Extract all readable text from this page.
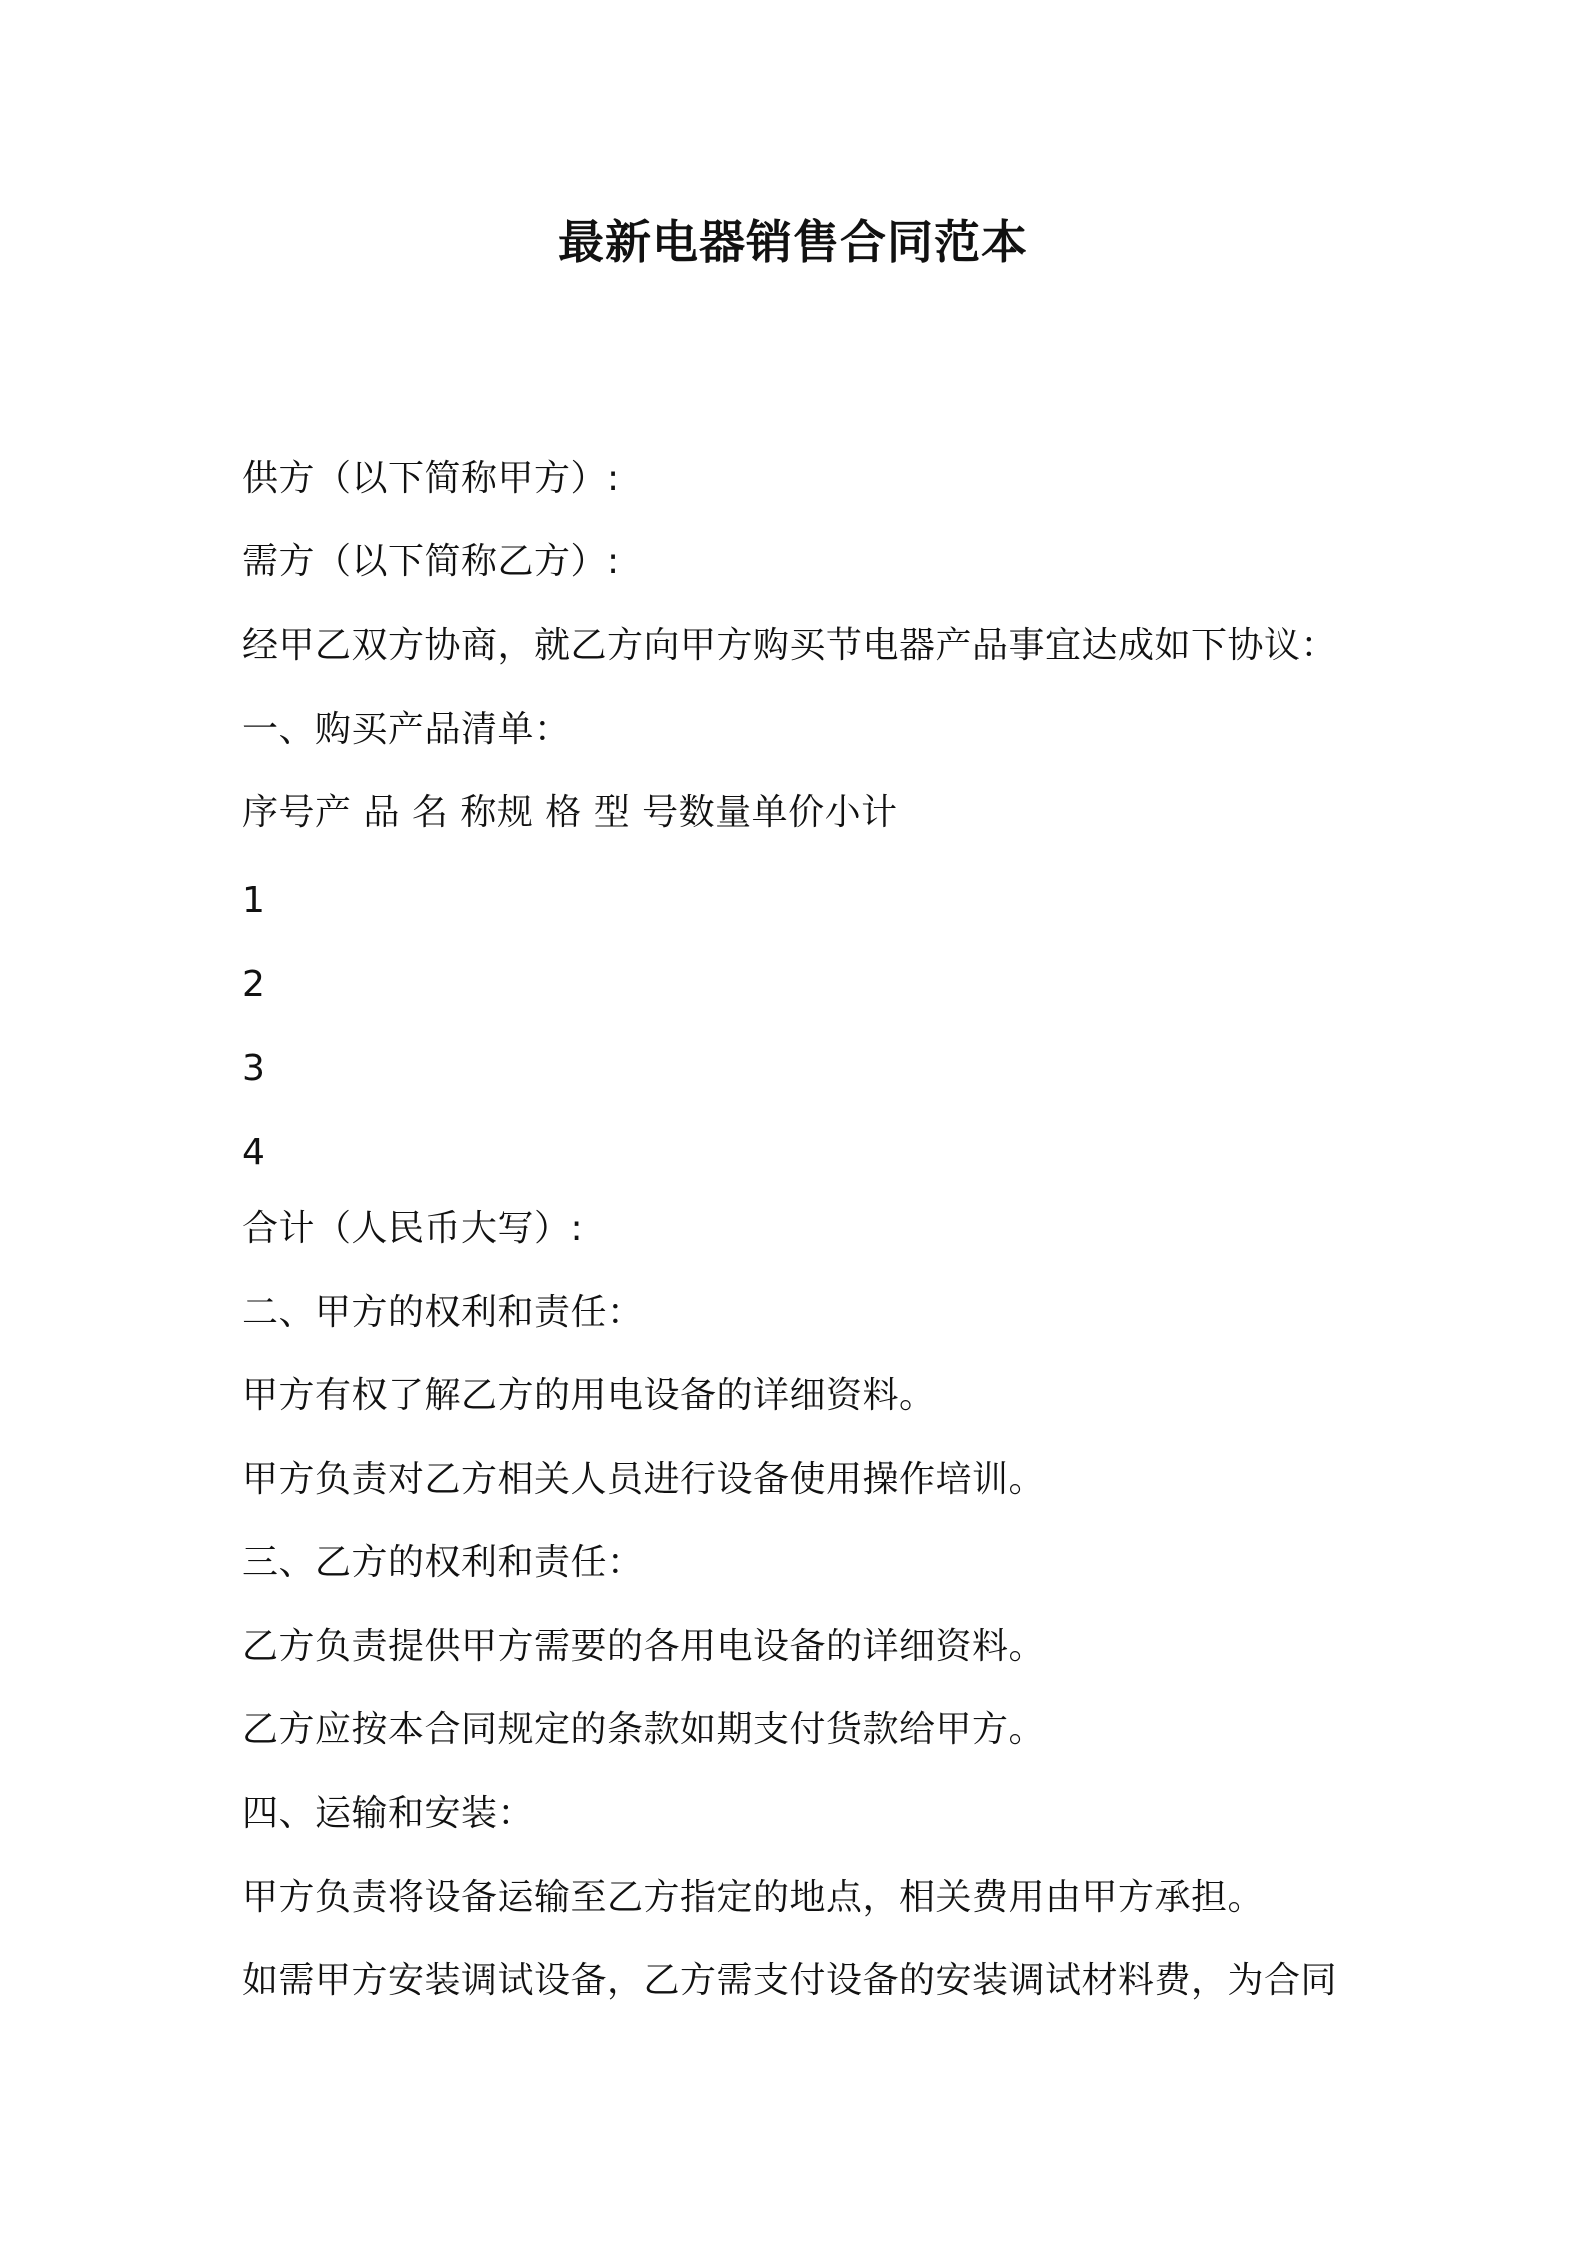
最新电器销售合同范本
供方（以下简称甲方）:
需方（以下简称乙方）:
经甲乙双方协商，就乙方向甲方购买节电器产品事宜达成如下协议：
一、购买产品清单：
序号产 品 名 称规 格 型 号数量单价小计
1
2
3
4
合计（人民币大写）:
二、甲方的权利和责任：
甲方有权了解乙方的用电设备的详细资料。
甲方负责对乙方相关人员进行设备使用操作培训。
三、乙方的权利和责任：
乙方负责提供甲方需要的各用电设备的详细资料。
乙方应按本合同规定的条款如期支付货款给甲方。
四、运输和安装：
甲方负责将设备运输至乙方指定的地点，相关费用由甲方承担。
如需甲方安装调试设备，乙方需支付设备的安装调试材料费，为合同
